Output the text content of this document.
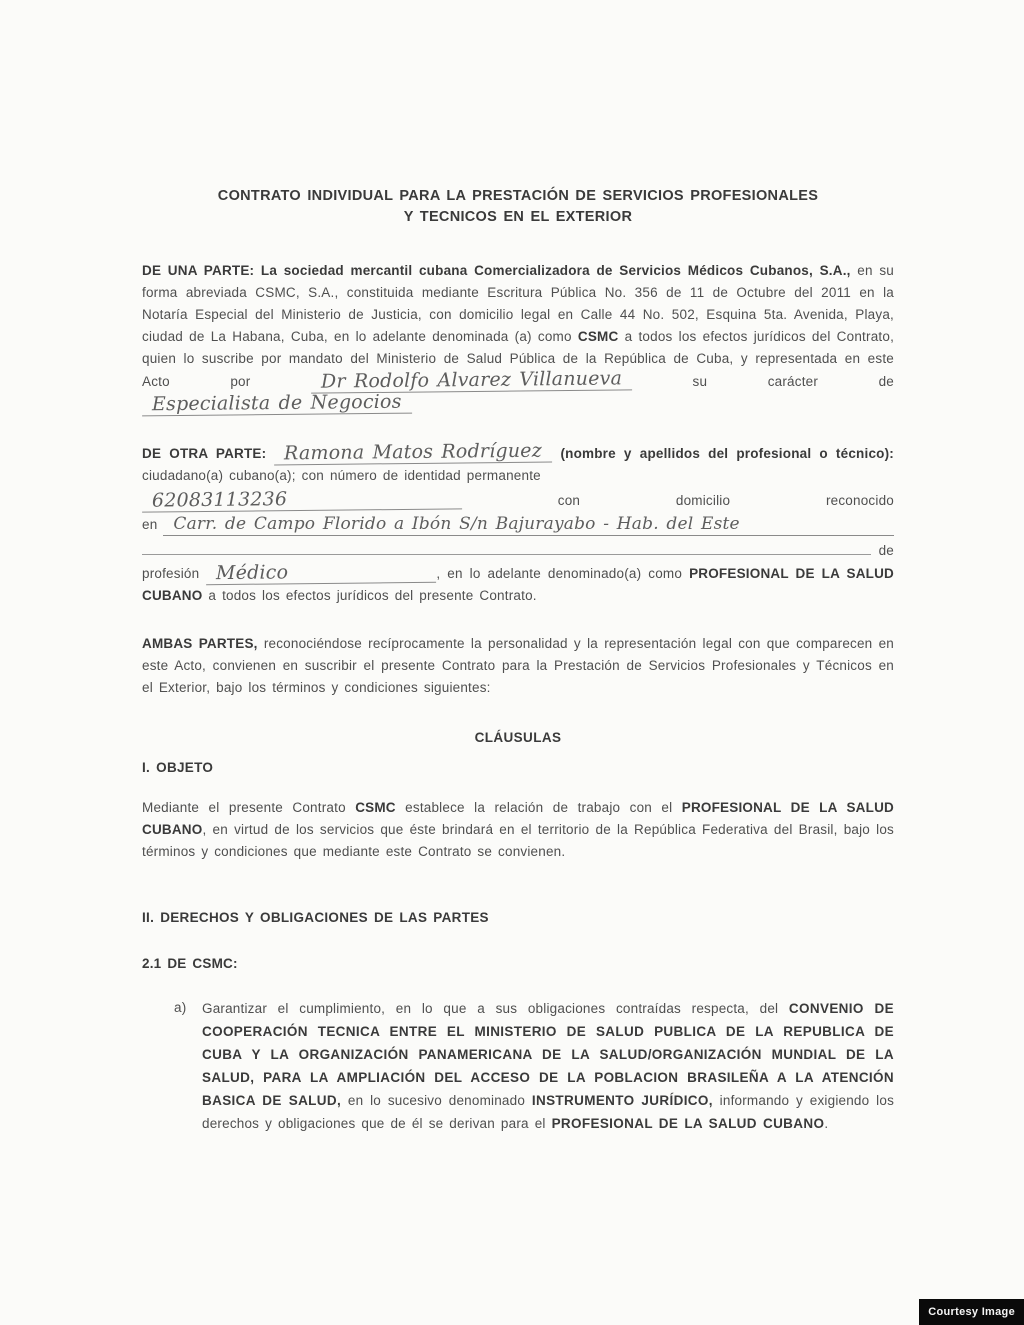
CONTRATO INDIVIDUAL PARA LA PRESTACIÓN DE SERVICIOS PROFESIONALES
Y TECNICOS EN EL EXTERIOR
DE UNA PARTE: La sociedad mercantil cubana Comercializadora de Servicios Médicos Cubanos, S.A., en su forma abreviada CSMC, S.A., constituida mediante Escritura Pública No. 356 de 11 de Octubre del 2011 en la Notaría Especial del Ministerio de Justicia, con domicilio legal en Calle 44 No. 502, Esquina 5ta. Avenida, Playa, ciudad de La Habana, Cuba, en lo adelante denominada (a) como CSMC a todos los efectos jurídicos del Contrato, quien lo suscribe por mandato del Ministerio de Salud Pública de la República de Cuba, y representada en este Acto por	Dr Rodolfo Alvarez Villanueva	su carácter de Especialista de Negocios
DE OTRA PARTE: Ramona Matos Rodríguez (nombre y apellidos del profesional o técnico): ciudadano(a) cubano(a); con número de identidad permanente
62083113236	con	domicilio	reconocido
en
Carr. de Campo Florido a Ibón S/n Bajurayabo - Hab. del Este
de
profesión Médico	, en lo adelante denominado(a) como PROFESIONAL DE LA SALUD CUBANO a todos los efectos jurídicos del presente Contrato.
AMBAS PARTES, reconociéndose recíprocamente la personalidad y la representación legal con que comparecen en este Acto, convienen en suscribir el presente Contrato para la Prestación de Servicios Profesionales y Técnicos en el Exterior, bajo los términos y condiciones siguientes:
CLÁUSULAS
I. OBJETO
Mediante el presente Contrato CSMC establece la relación de trabajo con el PROFESIONAL DE LA SALUD CUBANO, en virtud de los servicios que éste brindará en el territorio de la República Federativa del Brasil, bajo los términos y condiciones que mediante este Contrato se convienen.
II. DERECHOS Y OBLIGACIONES DE LAS PARTES
2.1 DE CSMC:
a)	Garantizar el cumplimiento, en lo que a sus obligaciones contraídas respecta, del CONVENIO DE COOPERACIÓN TECNICA ENTRE EL MINISTERIO DE SALUD PUBLICA DE LA REPUBLICA DE CUBA Y LA ORGANIZACIÓN PANAMERICANA DE LA SALUD/ORGANIZACIÓN MUNDIAL DE LA SALUD, PARA LA AMPLIACIÓN DEL ACCESO DE LA POBLACION BRASILEÑA A LA ATENCIÓN BASICA DE SALUD, en lo sucesivo denominado INSTRUMENTO JURÍDICO, informando y exigiendo los derechos y obligaciones que de él se derivan para el PROFESIONAL DE LA SALUD CUBANO.
Courtesy Image
